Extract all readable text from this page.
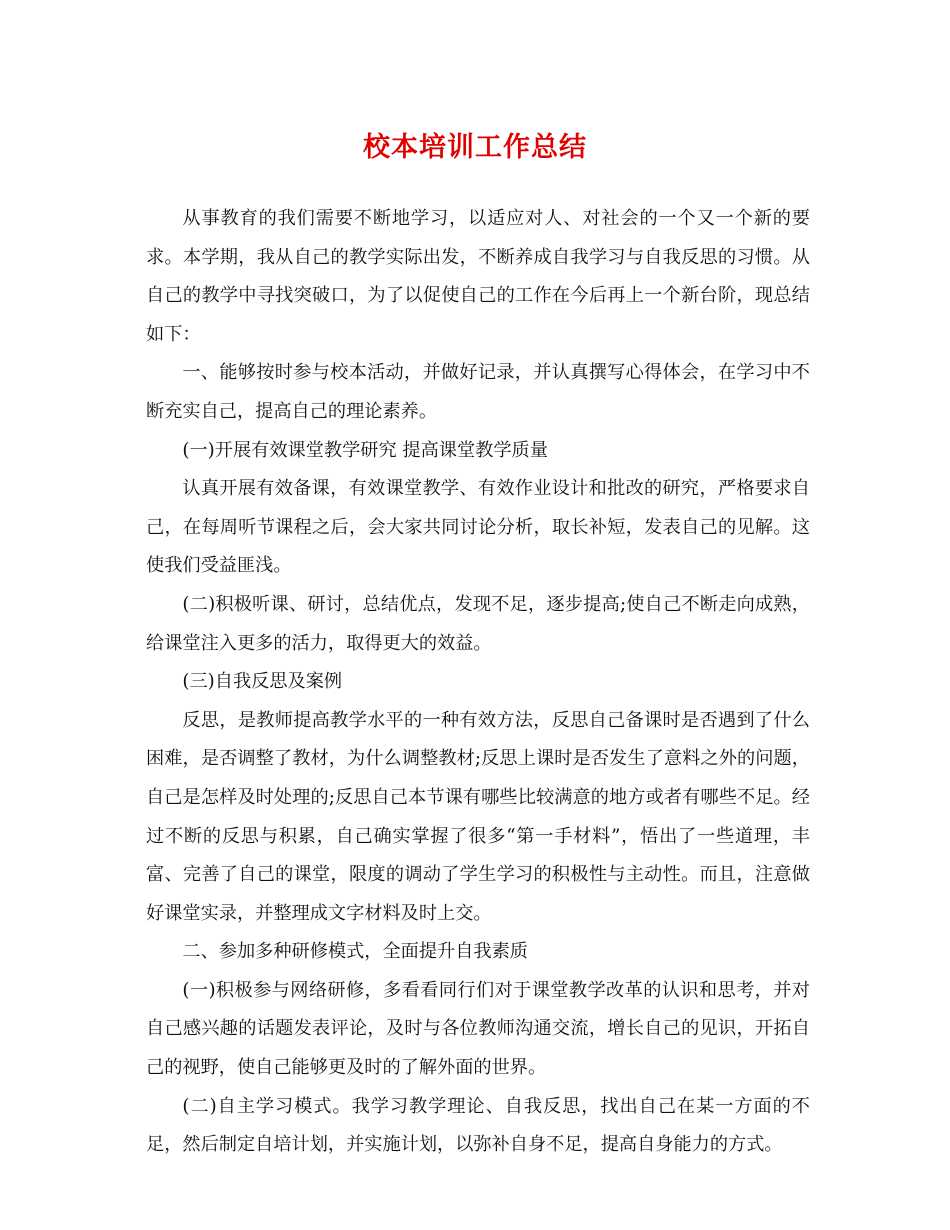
校本培训工作总结

从事教育的我们需要不断地学习，以适应对人、对社会的一个又一个新的要求。本学期，我从自己的教学实际出发，不断养成自我学习与自我反思的习惯。从自己的教学中寻找突破口，为了以促使自己的工作在今后再上一个新台阶，现总结如下：

一、能够按时参与校本活动，并做好记录，并认真撰写心得体会，在学习中不断充实自己，提高自己的理论素养。

(一)开展有效课堂教学研究 提高课堂教学质量

认真开展有效备课，有效课堂教学、有效作业设计和批改的研究，严格要求自己，在每周听节课程之后，会大家共同讨论分析，取长补短，发表自己的见解。这使我们受益匪浅。

(二)积极听课、研讨，总结优点，发现不足，逐步提高;使自己不断走向成熟，给课堂注入更多的活力，取得更大的效益。

(三)自我反思及案例

反思，是教师提高教学水平的一种有效方法，反思自己备课时是否遇到了什么困难，是否调整了教材，为什么调整教材;反思上课时是否发生了意料之外的问题，自己是怎样及时处理的;反思自己本节课有哪些比较满意的地方或者有哪些不足。经过不断的反思与积累，自己确实掌握了很多“第一手材料”，悟出了一些道理，丰富、完善了自己的课堂，限度的调动了学生学习的积极性与主动性。而且，注意做好课堂实录，并整理成文字材料及时上交。

二、参加多种研修模式，全面提升自我素质

(一)积极参与网络研修，多看看同行们对于课堂教学改革的认识和思考，并对自己感兴趣的话题发表评论，及时与各位教师沟通交流，增长自己的见识，开拓自己的视野，使自己能够更及时的了解外面的世界。

(二)自主学习模式。我学习教学理论、自我反思，找出自己在某一方面的不足，然后制定自培计划，并实施计划，以弥补自身不足，提高自身能力的方式。
